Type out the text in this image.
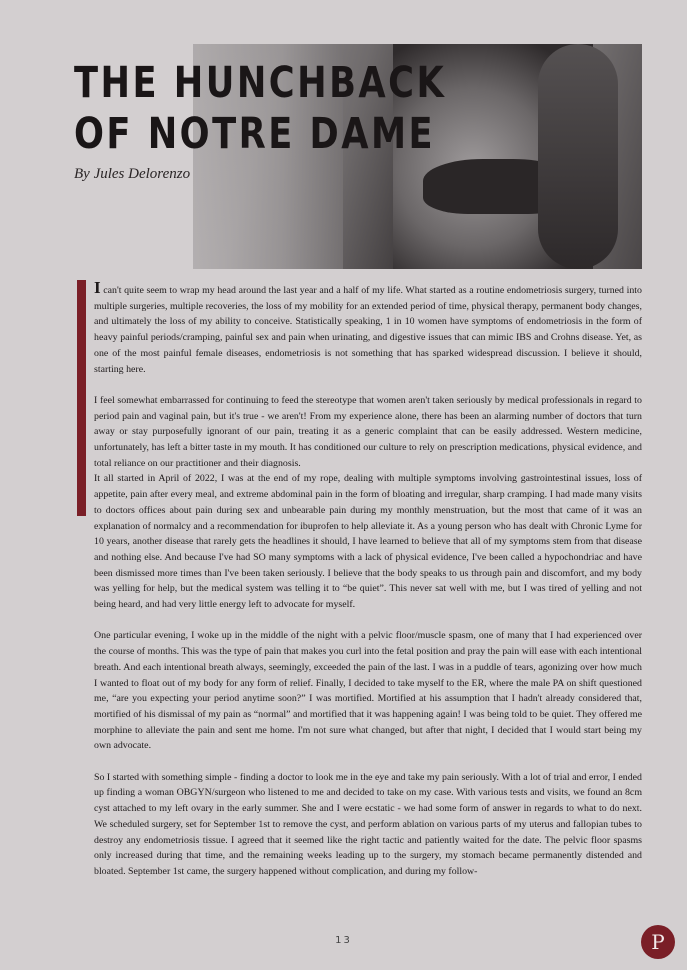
THE HUNCHBACK
OF NOTRE DAME
By Jules Delorenzo

I can't quite seem to wrap my head around the last year and a half of my life. What started as a routine endometriosis surgery, turned into multiple surgeries, multiple recoveries, the loss of my mobility for an extended period of time, physical therapy, permanent body changes, and ultimately the loss of my ability to conceive. Statistically speaking, 1 in 10 women have symptoms of endometriosis in the form of heavy painful periods/cramping, painful sex and pain when urinating, and digestive issues that can mimic IBS and Crohns disease. Yet, as one of the most painful female diseases, endometriosis is not something that has sparked widespread discussion. I believe it should, starting here.

I feel somewhat embarrassed for continuing to feed the stereotype that women aren't taken seriously by medical professionals in regard to period pain and vaginal pain, but it's true - we aren't! From my experience alone, there has been an alarming number of doctors that turn away or stay purposefully ignorant of our pain, treating it as a generic complaint that can be easily addressed. Western medicine, unfortunately, has left a bitter taste in my mouth. It has conditioned our culture to rely on prescription medications, physical evidence, and total reliance on our practitioner and their diagnosis.

It all started in April of 2022, I was at the end of my rope, dealing with multiple symptoms involving gastrointestinal issues, loss of appetite, pain after every meal, and extreme abdominal pain in the form of bloating and irregular, sharp cramping. I had made many visits to doctors offices about pain during sex and unbearable pain during my monthly menstruation, but the most that came of it was an explanation of normalcy and a recommendation for ibuprofen to help alleviate it. As a young person who has dealt with Chronic Lyme for 10 years, another disease that rarely gets the headlines it should, I have learned to believe that all of my symptoms stem from that disease and nothing else. And because I've had SO many symptoms with a lack of physical evidence, I've been called a hypochondriac and have been dismissed more times than I've been taken seriously. I believe that the body speaks to us through pain and discomfort, and my body was yelling for help, but the medical system was telling it to “be quiet”. This never sat well with me, but I was tired of yelling and not being heard, and had very little energy left to advocate for myself.

One particular evening, I woke up in the middle of the night with a pelvic floor/muscle spasm, one of many that I had experienced over the course of months. This was the type of pain that makes you curl into the fetal position and pray the pain will ease with each intentional breath. And each intentional breath always, seemingly, exceeded the pain of the last. I was in a puddle of tears, agonizing over how much I wanted to float out of my body for any form of relief. Finally, I decided to take myself to the ER, where the male PA on shift questioned me, “are you expecting your period anytime soon?” I was mortified. Mortified at his assumption that I hadn't already considered that, mortified of his dismissal of my pain as “normal” and mortified that it was happening again! I was being told to be quiet. They offered me morphine to alleviate the pain and sent me home. I'm not sure what changed, but after that night, I decided that I would start being my own advocate.

So I started with something simple - finding a doctor to look me in the eye and take my pain seriously. With a lot of trial and error, I ended up finding a woman OBGYN/surgeon who listened to me and decided to take on my case. With various tests and visits, we found an 8cm cyst attached to my left ovary in the early summer. She and I were ecstatic - we had some form of answer in regards to what to do next. We scheduled surgery, set for September 1st to remove the cyst, and perform ablation on various parts of my uterus and fallopian tubes to destroy any endometriosis tissue. I agreed that it seemed like the right tactic and patiently waited for the date. The pelvic floor spasms only increased during that time, and the remaining weeks leading up to the surgery, my stomach became permanently distended and bloated. September 1st came, the surgery happened without complication, and during my follow-

13	P
